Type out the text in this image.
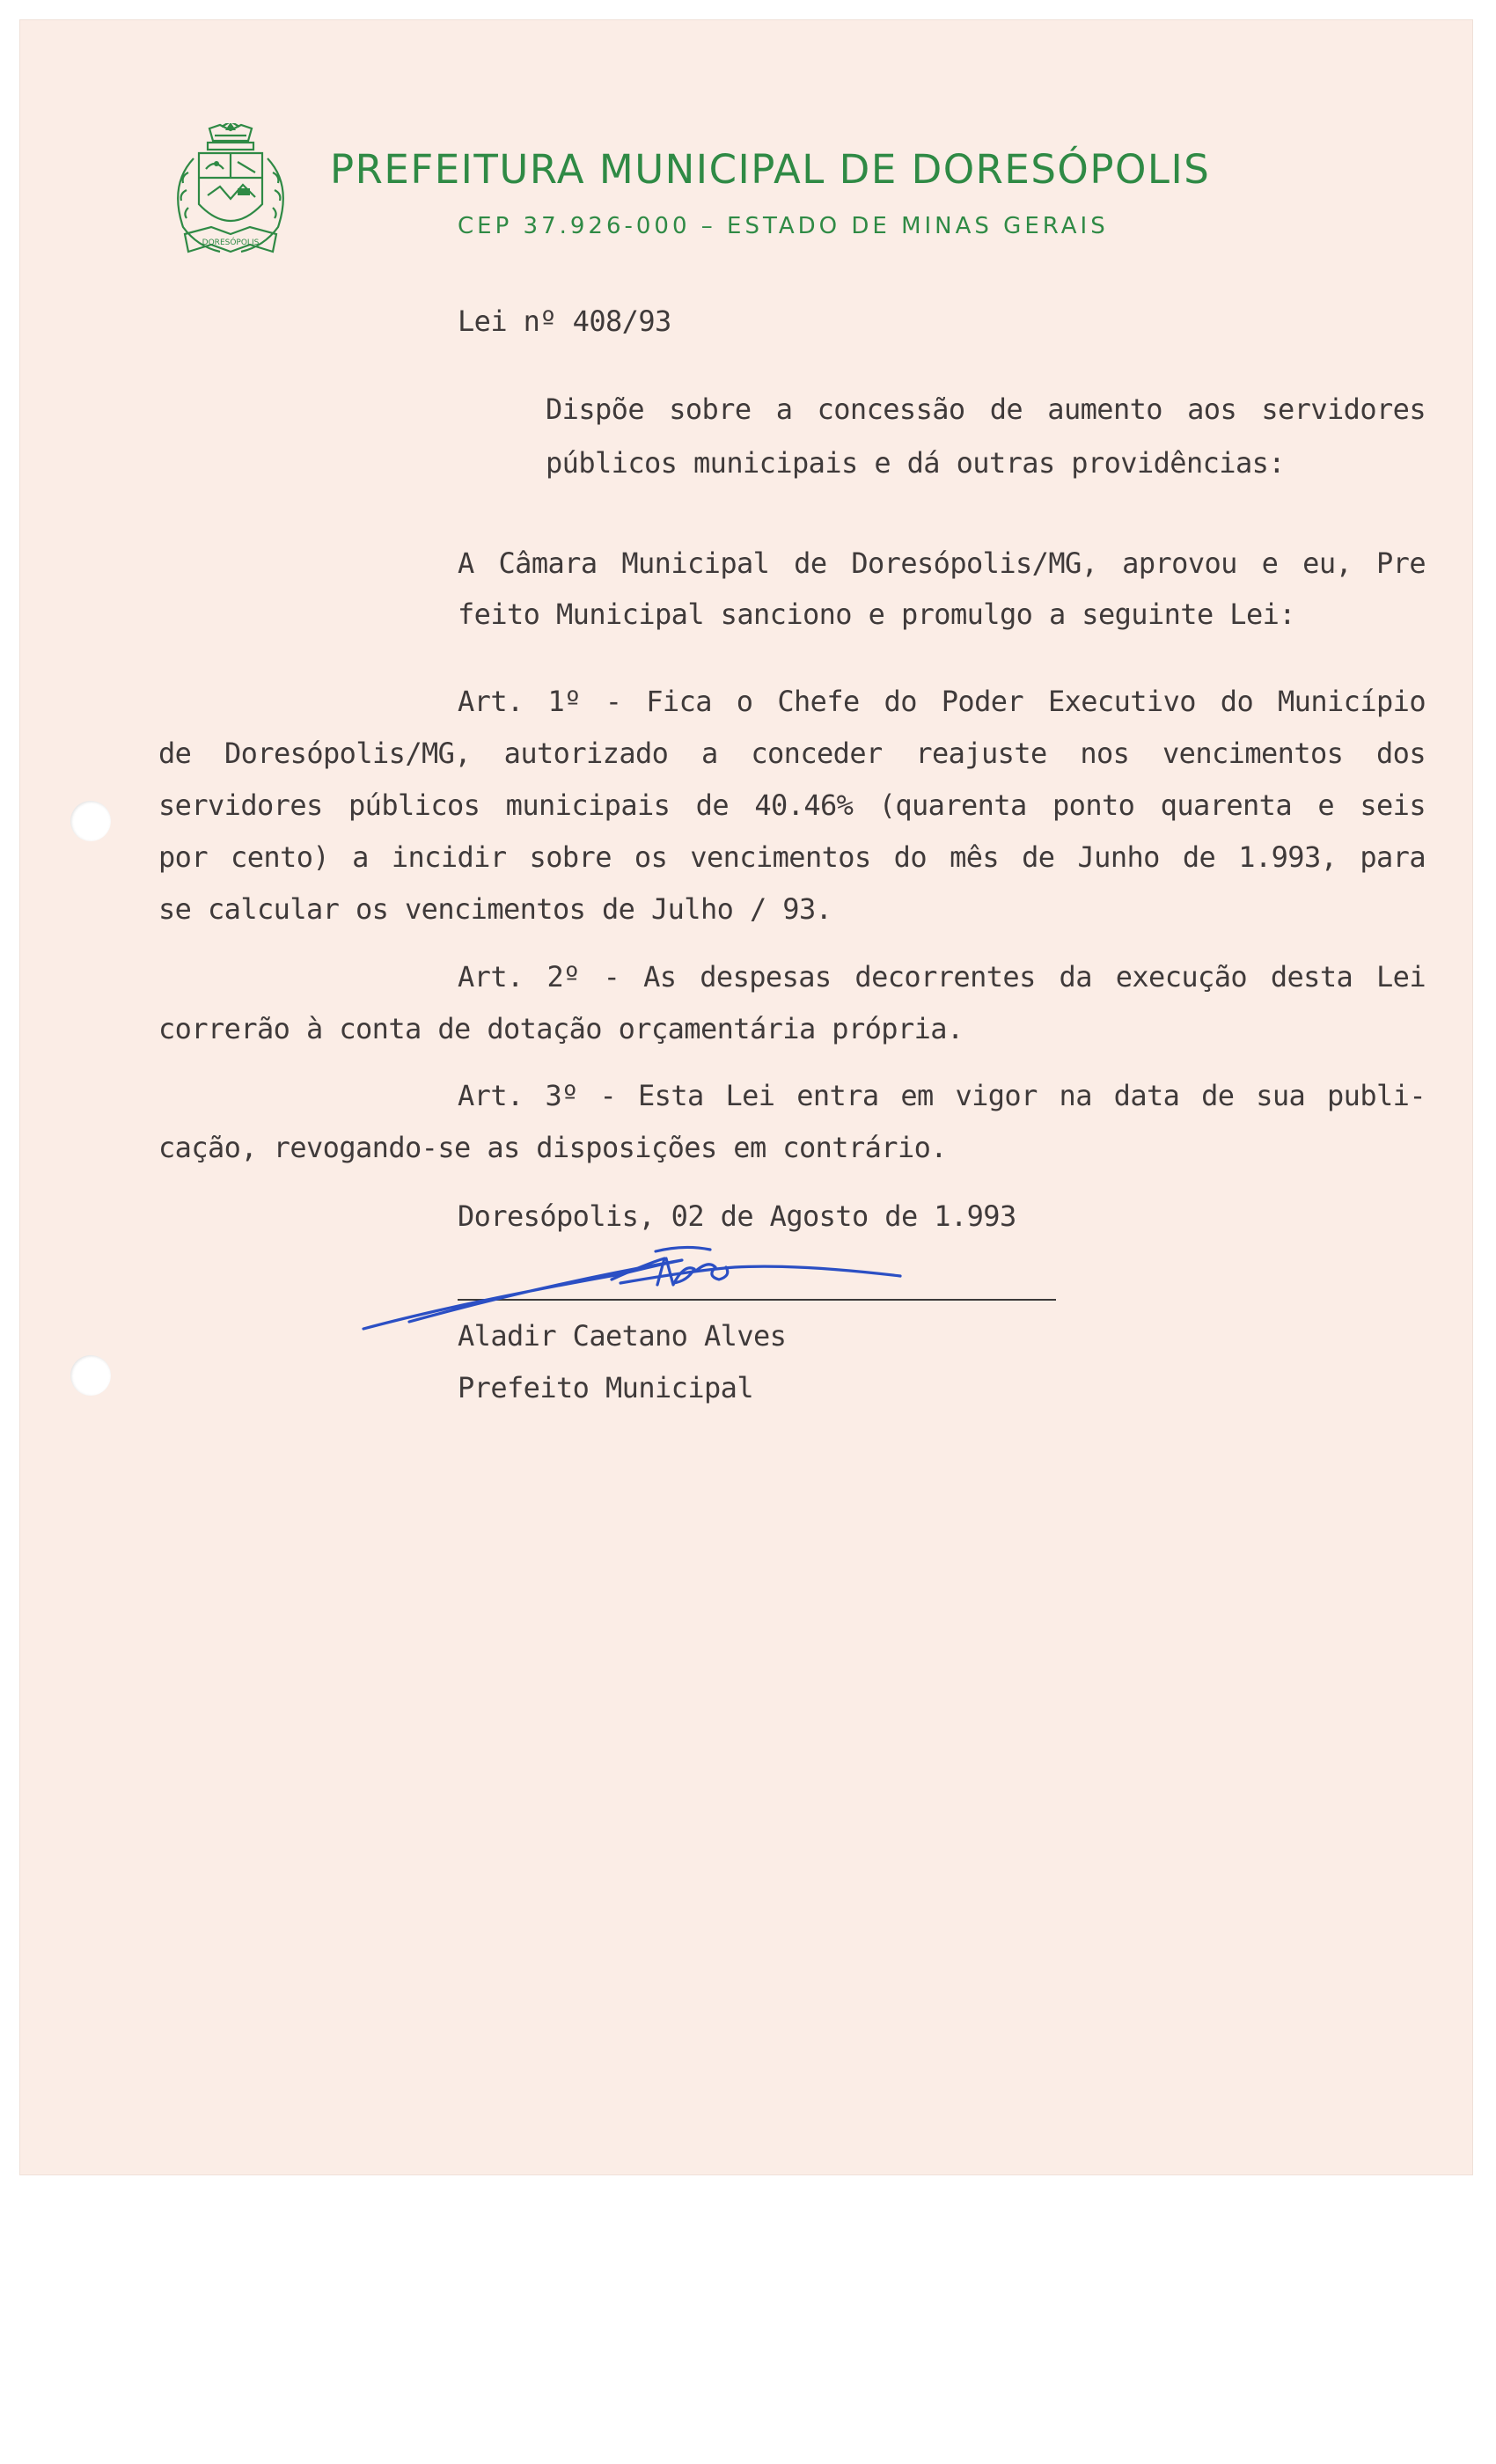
DORESÓPOLIS
PREFEITURA MUNICIPAL DE DORESÓPOLIS
CEP 37.926-000 – ESTADO DE MINAS GERAIS
Lei nº 408/93
Dispõe sobre a concessão de aumento aos servidores
públicos municipais e dá outras providências:
A Câmara Municipal de Doresópolis/MG, aprovou e eu, Pre
feito Municipal sanciono e promulgo a seguinte Lei:
Art. 1º - Fica o Chefe do Poder Executivo do Município
de Doresópolis/MG, autorizado a conceder reajuste nos vencimentos dos
servidores públicos municipais de 40.46% (quarenta ponto quarenta e seis
por cento) a incidir sobre os vencimentos do mês de Junho de 1.993, para
se calcular os vencimentos de Julho / 93.
Art. 2º - As despesas decorrentes da execução desta Lei
correrão à conta de dotação orçamentária própria.
Art. 3º - Esta Lei entra em vigor na data de sua publi-
cação, revogando-se as disposições em contrário.
Doresópolis, 02 de Agosto de 1.993
Aladir Caetano Alves
Prefeito Municipal
